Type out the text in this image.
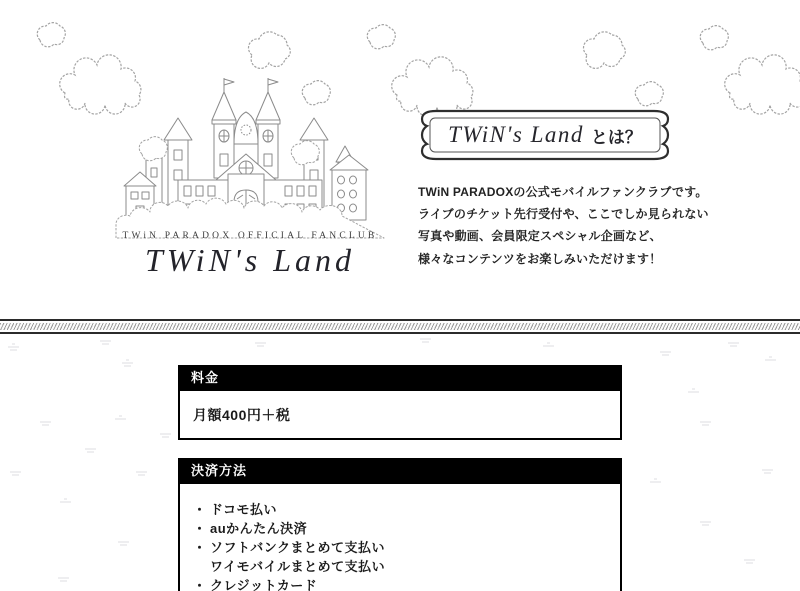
TWiN PARADOX OFFICIAL FANCLUB
TWiN's Land
TWiN's Land とは？
TWiN PARADOXの公式モバイルファンクラブです。
ライブのチケット先行受付や、ここでしか見られない
写真や動画、会員限定スペシャル企画など、
様々なコンテンツをお楽しみいただけます！
料金
月額400円＋税
決済方法
・ ドコモ払い
・ auかんたん決済
・ ソフトバンクまとめて支払い
ワイモバイルまとめて支払い
・ クレジットカード
